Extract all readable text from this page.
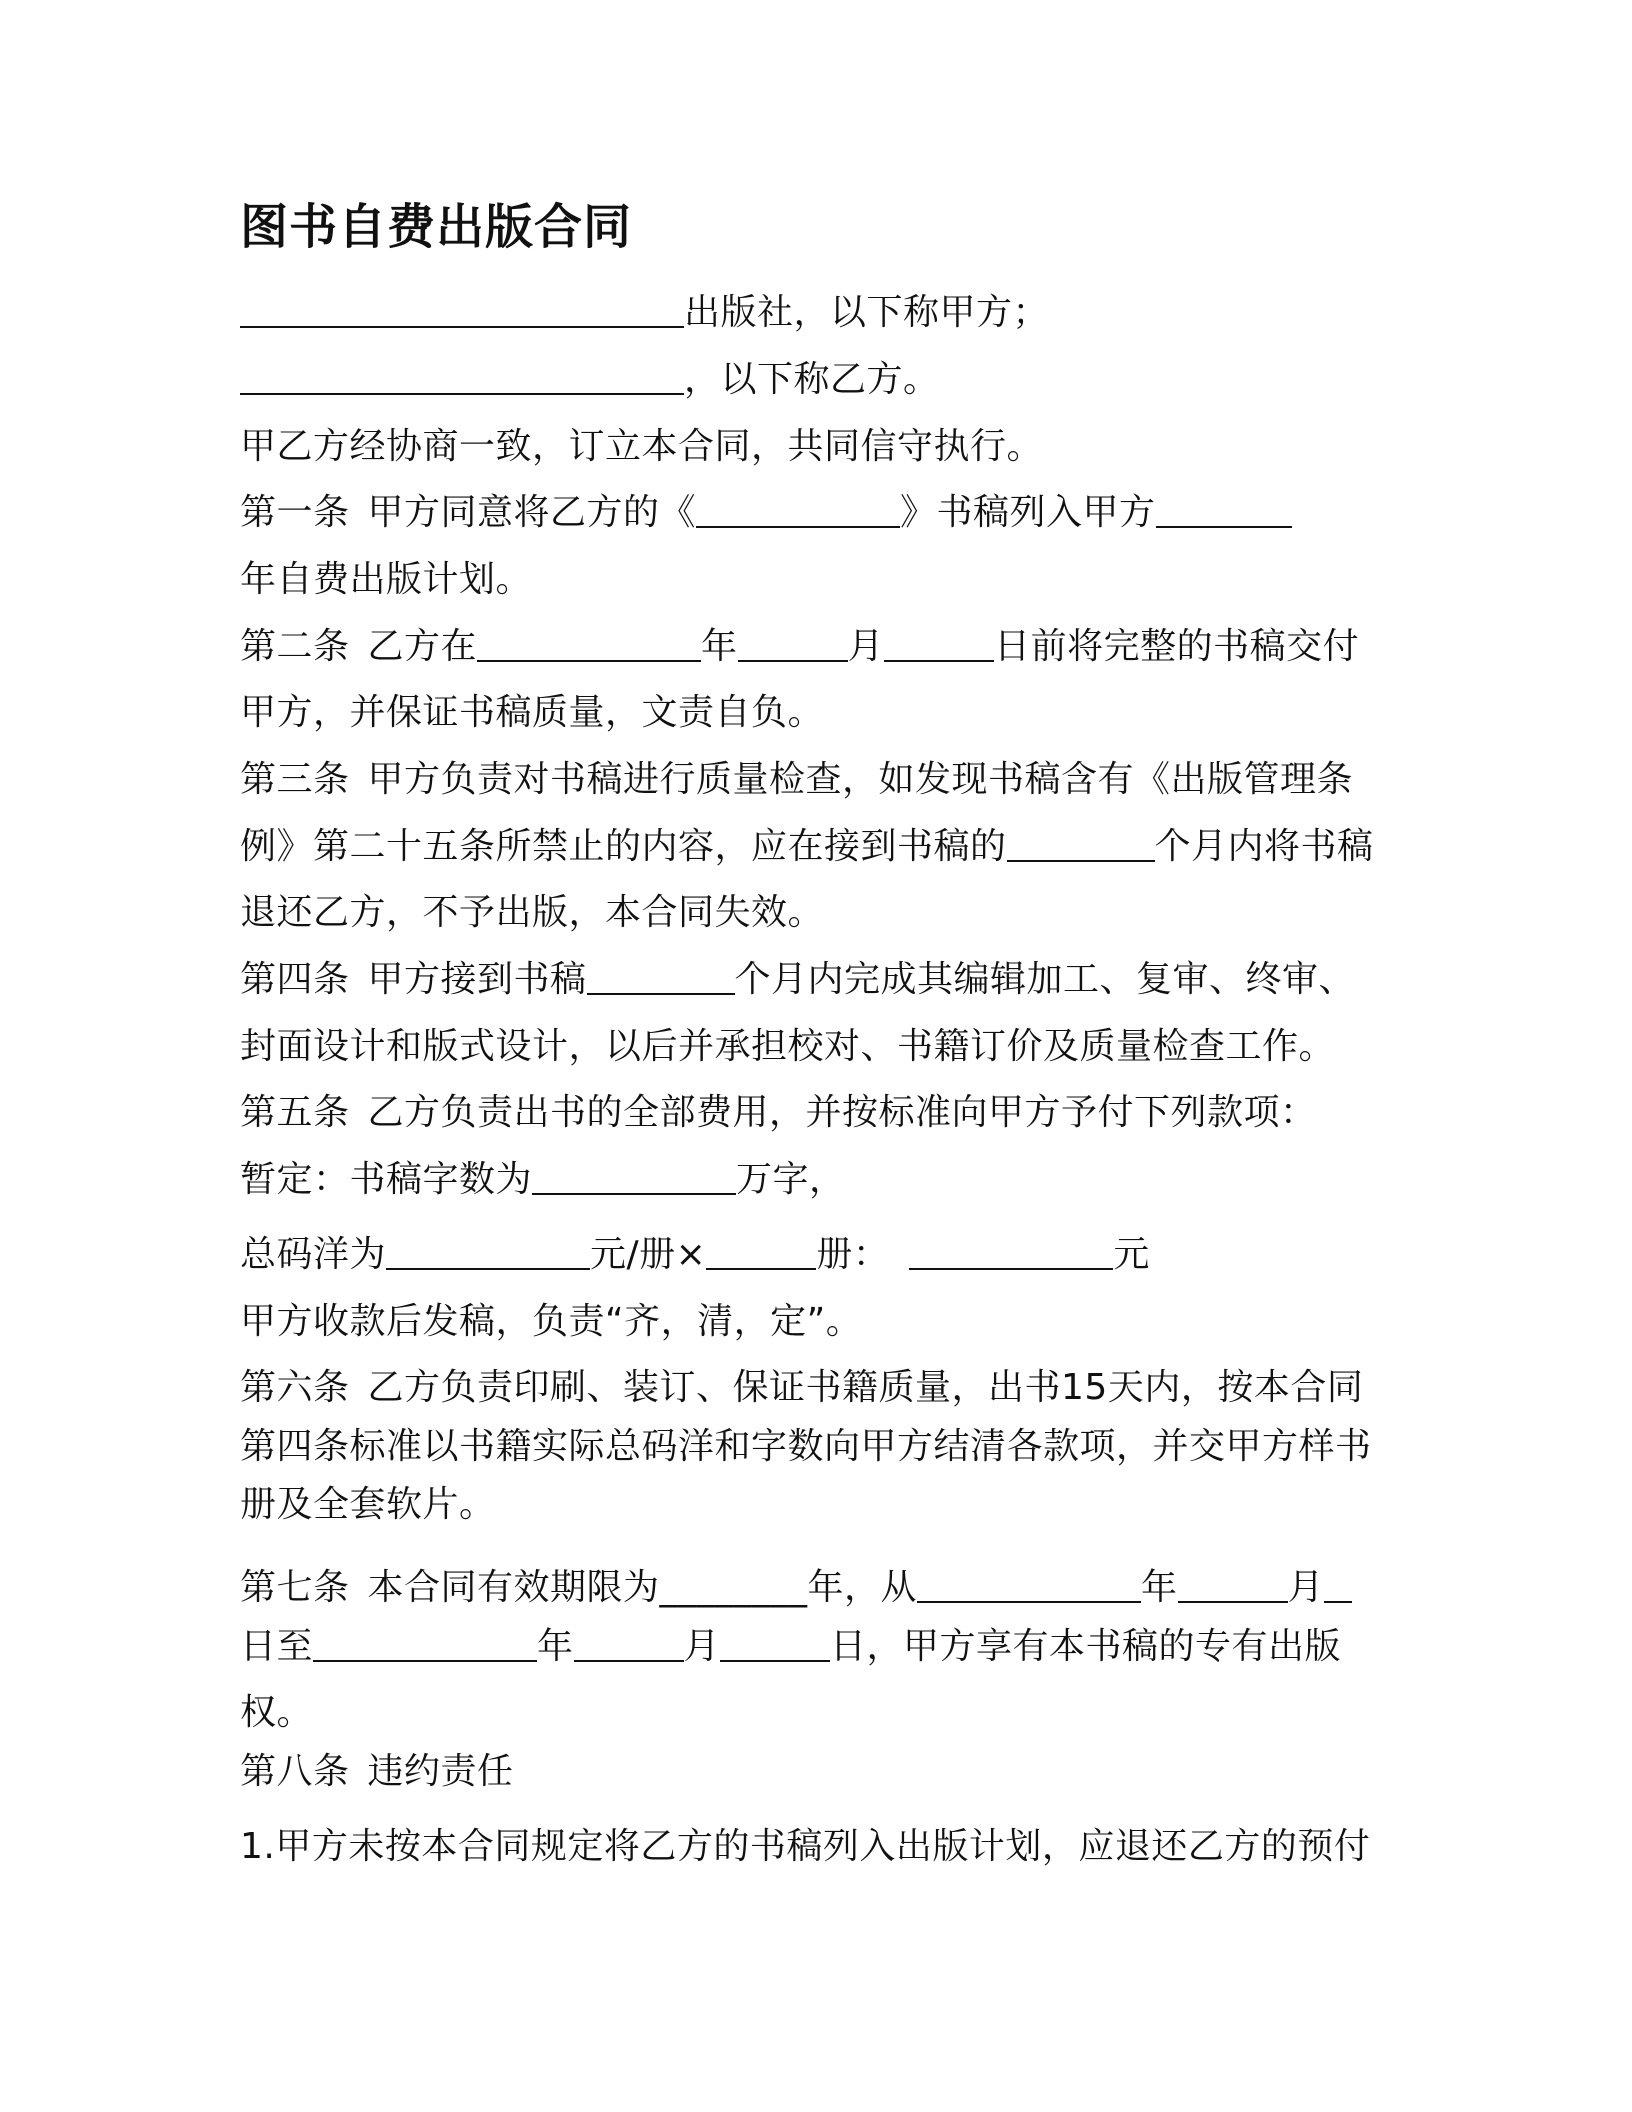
图书自费出版合同
出版社，以下称甲方；
，以下称乙方。
甲乙方经协商一致，订立本合同，共同信守执行。
第一条 甲方同意将乙方的《	》书稿列入甲方
年自费出版计划。
第二条 乙方在	年	月	日前将完整的书稿交付
甲方，并保证书稿质量，文责自负。
第三条 甲方负责对书稿进行质量检查，如发现书稿含有《出版管理条
例》第二十五条所禁止的内容，应在接到书稿的	个月内将书稿
退还乙方，不予出版，本合同失效。
第四条 甲方接到书稿	个月内完成其编辑加工、复审、终审、
封面设计和版式设计，以后并承担校对、书籍订价及质量检查工作。
第五条 乙方负责出书的全部费用，并按标准向甲方予付下列款项：
暂定：书稿字数为	万字，
总码洋为	元/册×	册：	元
甲方收款后发稿，负责“齐，清，定”。
第六条 乙方负责印刷、装订、保证书籍质量，出书15天内，按本合同
第四条标准以书籍实际总码洋和字数向甲方结清各款项，并交甲方样书
册及全套软片。
第七条 本合同有效期限为________年，从	年	月
日至	年	月	日，甲方享有本书稿的专有出版
权。
第八条 违约责任
1.甲方未按本合同规定将乙方的书稿列入出版计划，应退还乙方的预付
